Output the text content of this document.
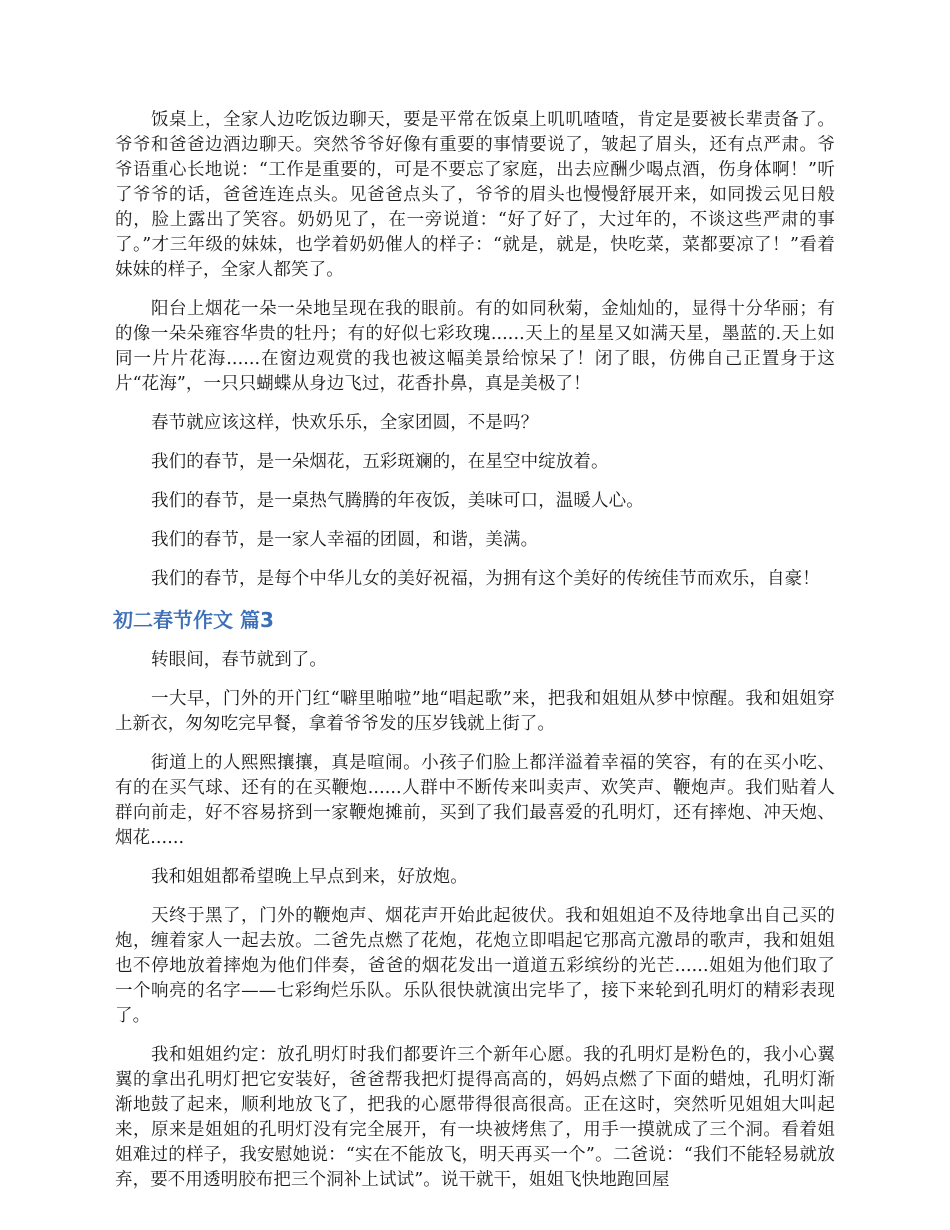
饭桌上，全家人边吃饭边聊天，要是平常在饭桌上叽叽喳喳，肯定是要被长辈责备了。爷爷和爸爸边酒边聊天。突然爷爷好像有重要的事情要说了，皱起了眉头，还有点严肃。爷爷语重心长地说：“工作是重要的，可是不要忘了家庭，出去应酬少喝点酒，伤身体啊！”听了爷爷的话，爸爸连连点头。见爸爸点头了，爷爷的眉头也慢慢舒展开来，如同拨云见日般的，脸上露出了笑容。奶奶见了，在一旁说道：“好了好了，大过年的，不谈这些严肃的事了。”才三年级的妹妹，也学着奶奶催人的样子：“就是，就是，快吃菜，菜都要凉了！”看着妹妹的样子，全家人都笑了。

阳台上烟花一朵一朵地呈现在我的眼前。有的如同秋菊，金灿灿的，显得十分华丽；有的像一朵朵雍容华贵的牡丹；有的好似七彩玫瑰......天上的星星又如满天星，墨蓝的.天上如同一片片花海......在窗边观赏的我也被这幅美景给惊呆了！闭了眼，仿佛自己正置身于这片“花海”，一只只蝴蝶从身边飞过，花香扑鼻，真是美极了！

春节就应该这样，快欢乐乐，全家团圆，不是吗？

我们的春节，是一朵烟花，五彩斑斓的，在星空中绽放着。

我们的春节，是一桌热气腾腾的年夜饭，美味可口，温暖人心。

我们的春节，是一家人幸福的团圆，和谐，美满。

我们的春节，是每个中华儿女的美好祝福，为拥有这个美好的传统佳节而欢乐，自豪！

初二春节作文 篇3

转眼间，春节就到了。

一大早，门外的开门红“噼里啪啦”地“唱起歌”来，把我和姐姐从梦中惊醒。我和姐姐穿上新衣，匆匆吃完早餐，拿着爷爷发的压岁钱就上街了。

街道上的人熙熙攘攘，真是喧闹。小孩子们脸上都洋溢着幸福的笑容，有的在买小吃、有的在买气球、还有的在买鞭炮......人群中不断传来叫卖声、欢笑声、鞭炮声。我们贴着人群向前走，好不容易挤到一家鞭炮摊前，买到了我们最喜爱的孔明灯，还有摔炮、冲天炮、烟花......

我和姐姐都希望晚上早点到来，好放炮。

天终于黑了，门外的鞭炮声、烟花声开始此起彼伏。我和姐姐迫不及待地拿出自己买的炮，缠着家人一起去放。二爸先点燃了花炮，花炮立即唱起它那高亢激昂的歌声，我和姐姐也不停地放着摔炮为他们伴奏，爸爸的烟花发出一道道五彩缤纷的光芒......姐姐为他们取了一个响亮的名字——七彩绚烂乐队。乐队很快就演出完毕了，接下来轮到孔明灯的精彩表现了。

我和姐姐约定：放孔明灯时我们都要许三个新年心愿。我的孔明灯是粉色的，我小心翼翼的拿出孔明灯把它安装好，爸爸帮我把灯提得高高的，妈妈点燃了下面的蜡烛，孔明灯渐渐地鼓了起来，顺利地放飞了，把我的心愿带得很高很高。正在这时，突然听见姐姐大叫起来，原来是姐姐的孔明灯没有完全展开，有一块被烤焦了，用手一摸就成了三个洞。看着姐姐难过的样子，我安慰她说：“实在不能放飞，明天再买一个”。二爸说：“我们不能轻易就放弃，要不用透明胶布把三个洞补上试试”。说干就干，姐姐飞快地跑回屋
